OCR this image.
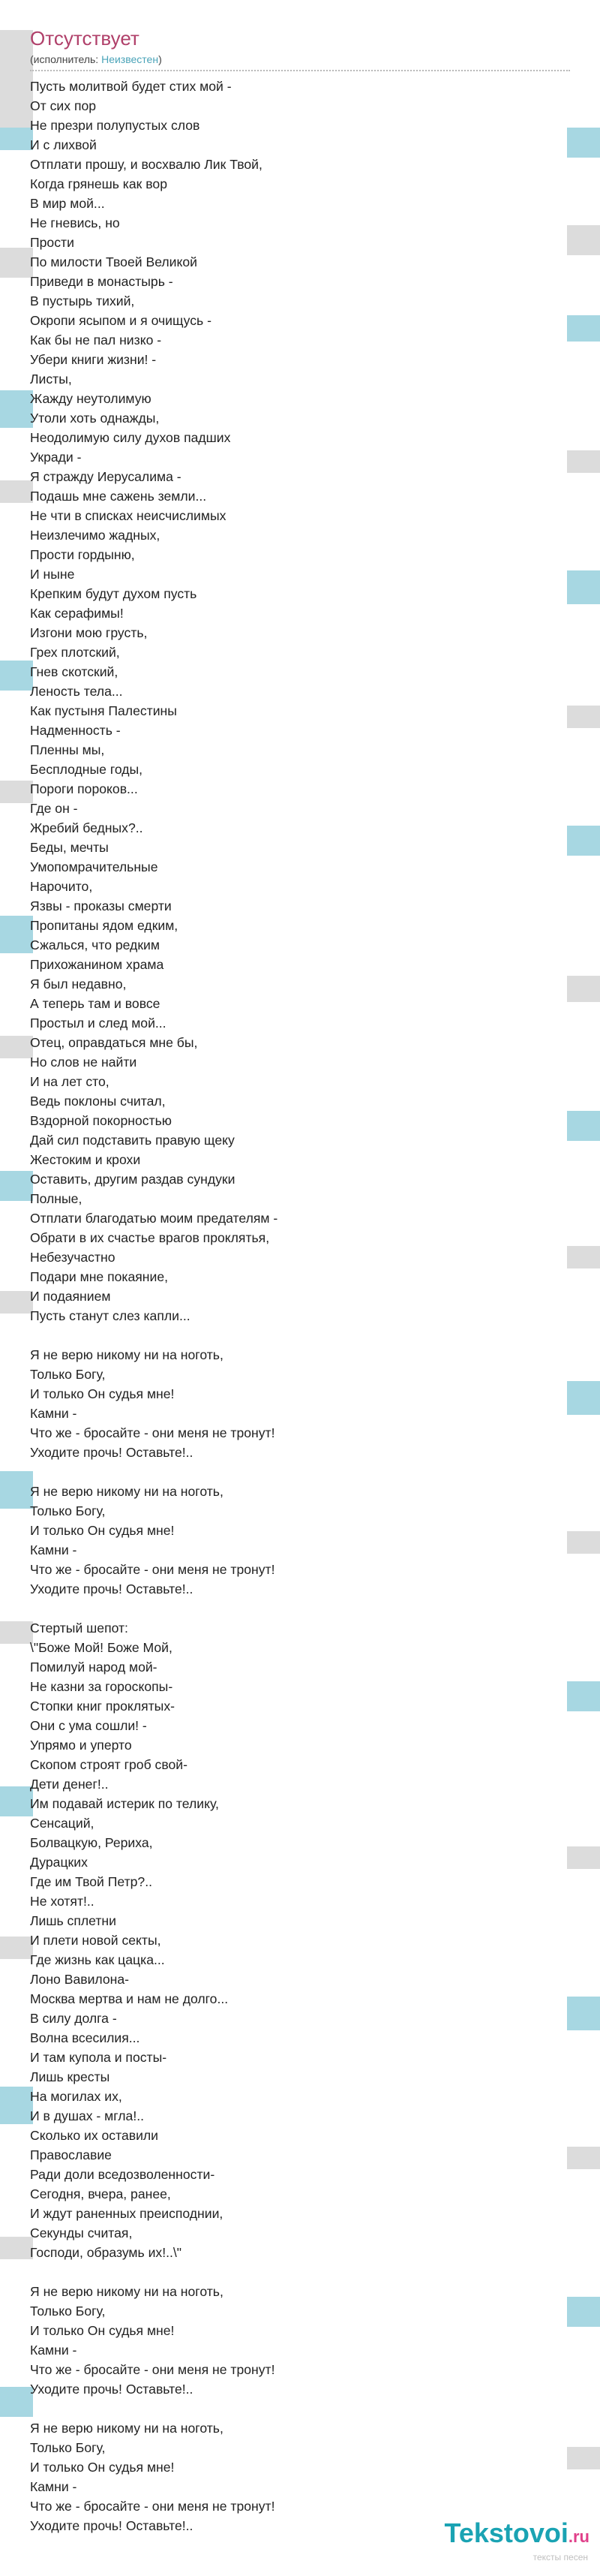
Отсутствует
(исполнитель: Неизвестен)
Пусть молитвой будет стих мой -
От сих пор
Не презри полупустых слов
И с лихвой
Отплати прошу, и восхвалю Лик Твой,
Когда грянешь как вор
В мир мой...
Не гневись, но
Прости
По милости Твоей Великой
Приведи в монастырь -
В пустырь тихий,
Окропи ясыпом и я очищусь -
Как бы не пал низко -
Убери книги жизни! -
Листы,
Жажду неутолимую
Утоли хоть однажды,
Неодолимую силу духов падших
Укради -
Я стражду Иерусалима -
Подашь мне сажень земли...
Не чти в списках неисчислимых
Неизлечимо жадных,
Прости гордыню,
И ныне
Крепким будут духом пусть
Как серафимы!
Изгони мою грусть,
Грех плотский,
Гнев скотский,
Леность тела...
Как пустыня Палестины
Надменность -
Пленны мы,
Бесплодные годы,
Пороги пороков...
Где он -
Жребий бедных?..
Беды, мечты
Умопомрачительные
Нарочито,
Язвы - проказы смерти
Пропитаны ядом едким,
Сжалься, что редким
Прихожанином храма
Я был недавно,
А теперь там и вовсе
Простыл и след мой...
Отец, оправдаться мне бы,
Но слов не найти
И на лет сто,
Ведь поклоны считал,
Вздорной покорностью
Дай сил подставить правую щеку
Жестоким и крохи
Оставить, другим раздав сундуки
Полные,
Отплати благодатью моим предателям -
Обрати в их счастье врагов проклятья,
Небезучастно
Подари мне покаяние,
И подаянием
Пусть станут слез капли...
Я не верю никому ни на ноготь,
Только Богу,
И только Он судья мне!
Камни -
Что же - бросайте - они меня не тронут!
Уходите прочь! Оставьте!..
Я не верю никому ни на ноготь,
Только Богу,
И только Он судья мне!
Камни -
Что же - бросайте - они меня не тронут!
Уходите прочь! Оставьте!..
Стертый шепот:
\"Боже Мой! Боже Мой,
Помилуй народ мой-
Не казни за гороскопы-
Стопки книг проклятых-
Они с ума сошли! -
Упрямо и уперто
Скопом строят гроб свой-
Дети денег!..
Им подавай истерик по телику,
Сенсаций,
Болвацкую, Рериха,
Дурацких
Где им Твой Петр?..
Не хотят!..
Лишь сплетни
И плети новой секты,
Где жизнь как цацка...
Лоно Вавилона-
Москва мертва и нам не долго...
В силу долга -
Волна всесилия...
И там купола и посты-
Лишь кресты
На могилах их,
И в душах - мгла!..
Сколько их оставили
Православие
Ради доли вседозволенности-
Сегодня, вчера, ранее,
И ждут раненных преисподнии,
Секунды считая,
Господи, образумь их!..\"
Я не верю никому ни на ноготь,
Только Богу,
И только Он судья мне!
Камни -
Что же - бросайте - они меня не тронут!
Уходите прочь! Оставьте!..
Я не верю никому ни на ноготь,
Только Богу,
И только Он судья мне!
Камни -
Что же - бросайте - они меня не тронут!
Уходите прочь! Оставьте!..	Tekstovoi.ru
тексты песен
